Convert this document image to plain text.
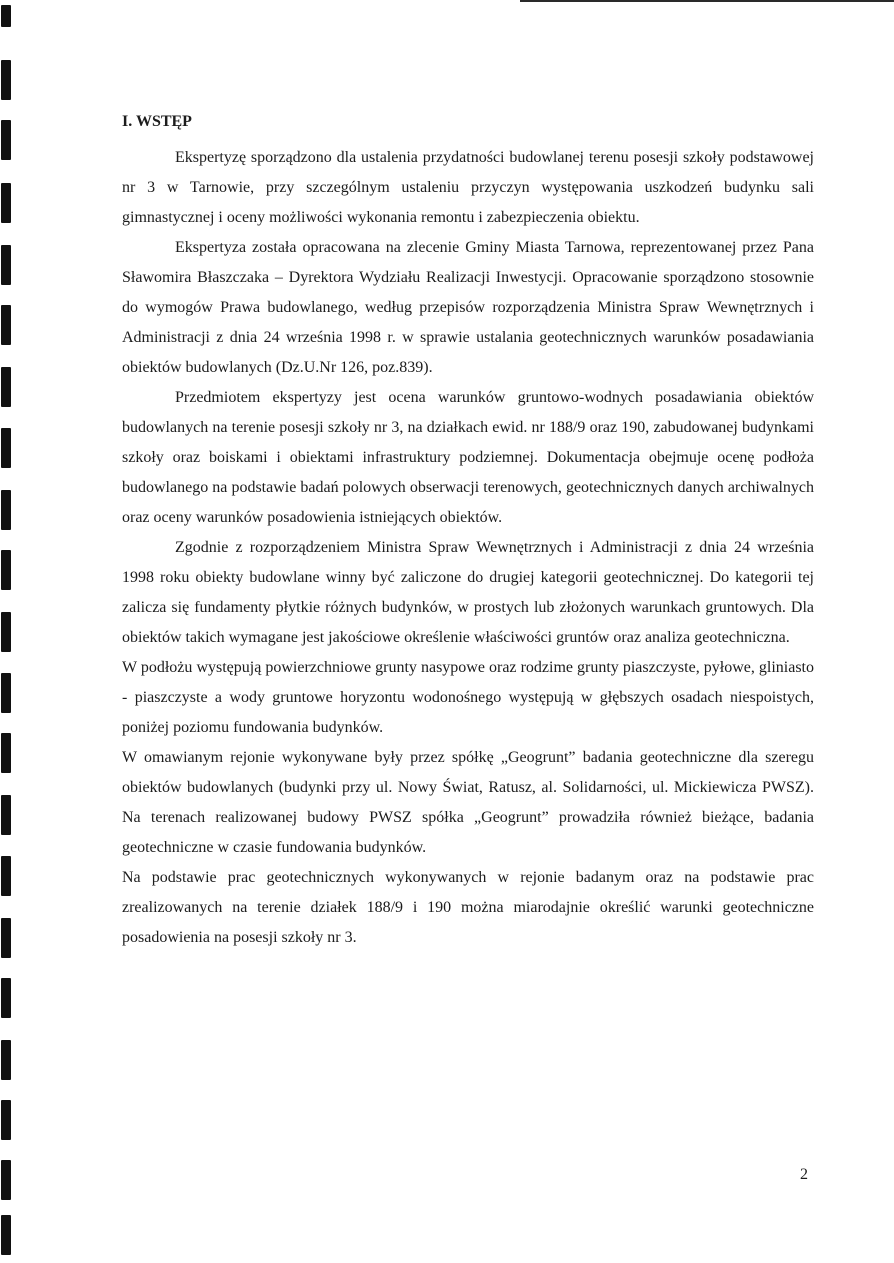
I. WSTĘP

Ekspertyzę sporządzono dla ustalenia przydatności budowlanej terenu posesji szkoły podstawowej nr 3 w Tarnowie, przy szczególnym ustaleniu przyczyn występowania uszkodzeń budynku sali gimnastycznej i oceny możliwości wykonania remontu i zabezpieczenia obiektu.

Ekspertyza została opracowana na zlecenie Gminy Miasta Tarnowa, reprezentowanej przez Pana Sławomira Błaszczaka – Dyrektora Wydziału Realizacji Inwestycji. Opracowanie sporządzono stosownie do wymogów Prawa budowlanego, według przepisów rozporządzenia Ministra Spraw Wewnętrznych i Administracji z dnia 24 września 1998 r. w sprawie ustalania geotechnicznych warunków posadawiania obiektów budowlanych (Dz.U.Nr 126, poz.839).

Przedmiotem ekspertyzy jest ocena warunków gruntowo-wodnych posadawiania obiektów budowlanych na terenie posesji szkoły nr 3, na działkach ewid. nr 188/9 oraz 190, zabudowanej budynkami szkoły oraz boiskami i obiektami infrastruktury podziemnej. Dokumentacja obejmuje ocenę podłoża budowlanego na podstawie badań polowych obserwacji terenowych, geotechnicznych danych archiwalnych oraz oceny warunków posadowienia istniejących obiektów.

Zgodnie z rozporządzeniem Ministra Spraw Wewnętrznych i Administracji z dnia 24 września 1998 roku obiekty budowlane winny być zaliczone do drugiej kategorii geotechnicznej. Do kategorii tej zalicza się fundamenty płytkie różnych budynków, w prostych lub złożonych warunkach gruntowych. Dla obiektów takich wymagane jest jakościowe określenie właściwości gruntów oraz analiza geotechniczna.

W podłożu występują powierzchniowe grunty nasypowe oraz rodzime grunty piaszczyste, pyłowe, gliniasto - piaszczyste a wody gruntowe horyzontu wodonośnego występują w głębszych osadach niespoistych, poniżej poziomu fundowania budynków.

W omawianym rejonie wykonywane były przez spółkę „Geogrunt” badania geotechniczne dla szeregu obiektów budowlanych (budynki przy ul. Nowy Świat, Ratusz, al. Solidarności, ul. Mickiewicza PWSZ). Na terenach realizowanej budowy PWSZ spółka „Geogrunt” prowadziła również bieżące, badania geotechniczne w czasie fundowania budynków.

Na podstawie prac geotechnicznych wykonywanych w rejonie badanym oraz na podstawie prac zrealizowanych na terenie działek 188/9 i 190 można miarodajnie określić warunki geotechniczne posadowienia na posesji szkoły nr 3.

2
